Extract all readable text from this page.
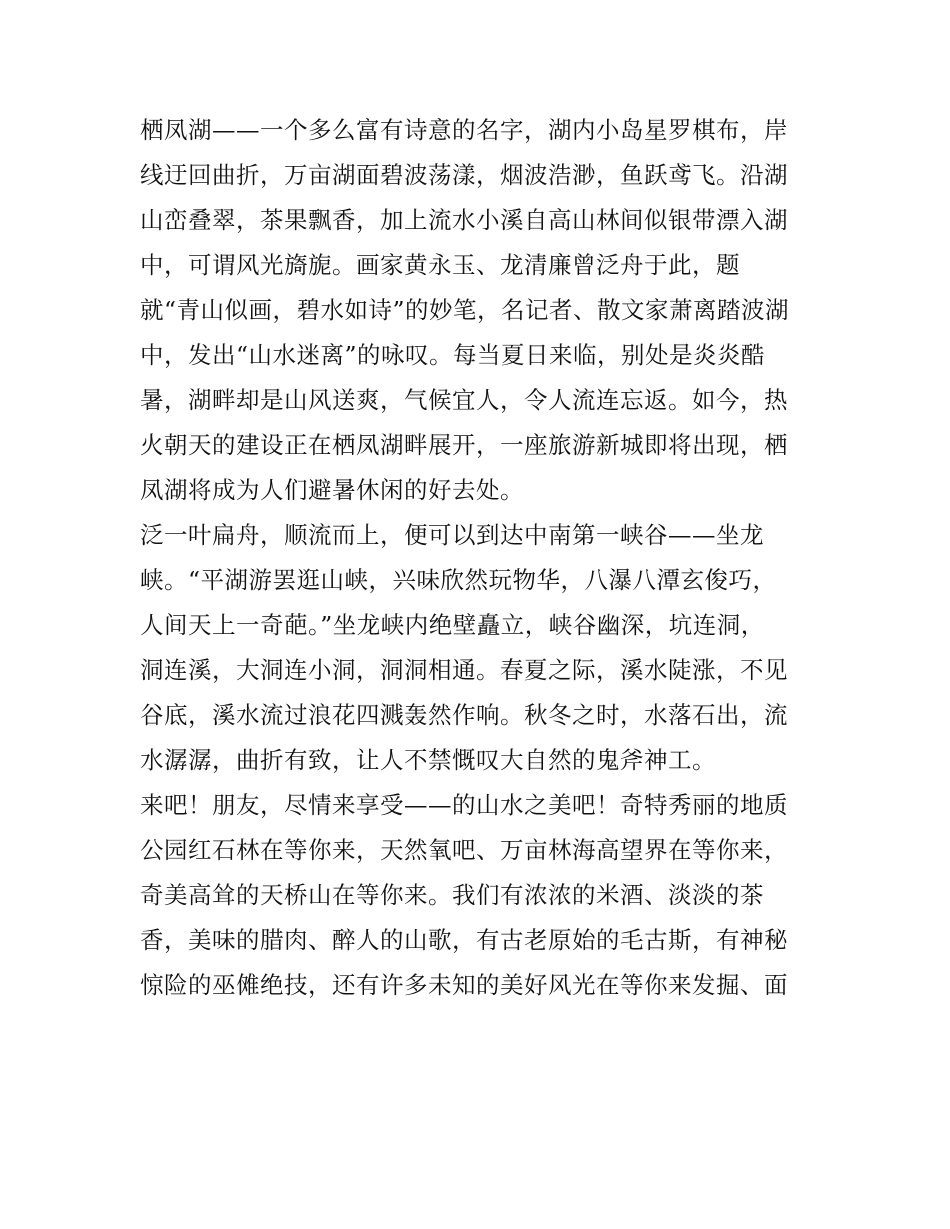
栖凤湖——一个多么富有诗意的名字，湖内小岛星罗棋布，岸
线迂回曲折，万亩湖面碧波荡漾，烟波浩渺，鱼跃鸢飞。沿湖
山峦叠翠，茶果飘香，加上流水小溪自高山林间似银带漂入湖
中，可谓风光旖旎。画家黄永玉、龙清廉曾泛舟于此，题
就“青山似画，碧水如诗”的妙笔，名记者、散文家萧离踏波湖
中，发出“山水迷离”的咏叹。每当夏日来临，别处是炎炎酷
暑，湖畔却是山风送爽，气候宜人，令人流连忘返。如今，热
火朝天的建设正在栖凤湖畔展开，一座旅游新城即将出现，栖
凤湖将成为人们避暑休闲的好去处。
泛一叶扁舟，顺流而上，便可以到达中南第一峡谷——坐龙
峡。“平湖游罢逛山峡，兴味欣然玩物华，八瀑八潭玄俊巧，
人间天上一奇葩。”坐龙峡内绝壁矗立，峡谷幽深，坑连洞，
洞连溪，大洞连小洞，洞洞相通。春夏之际，溪水陡涨，不见
谷底，溪水流过浪花四溅轰然作响。秋冬之时，水落石出，流
水潺潺，曲折有致，让人不禁慨叹大自然的鬼斧神工。
来吧！朋友，尽情来享受——的山水之美吧！奇特秀丽的地质
公园红石林在等你来，天然氧吧、万亩林海高望界在等你来，
奇美高耸的天桥山在等你来。我们有浓浓的米酒、淡淡的茶
香，美味的腊肉、醉人的山歌，有古老原始的毛古斯，有神秘
惊险的巫傩绝技，还有许多未知的美好风光在等你来发掘、面
